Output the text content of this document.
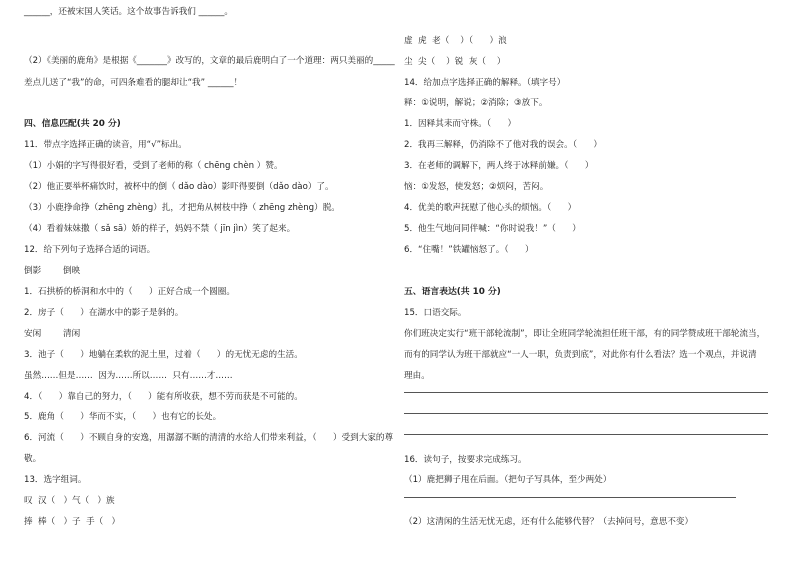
______，还被宋国人笑话。这个故事告诉我们 ______。
（2）《美丽的鹿角》是根据《_______》改写的，文章的最后鹿明白了一个道理：两只美丽的_____
差点儿送了“我”的命，可四条难看的腿却让“我” ______！
四、信息匹配(共 20 分)
11．带点字选择正确的读音，用“√”标出。
（1）小娟的字写得很好看，受到了老师的称（ chēng chèn ）赞。
（2）他正要举杯痛饮时，被杯中的倒（ dǎo dào）影吓得要倒（dǎo dào）了。
（3）小鹿挣命挣（zhēng zhèng）扎，才把角从树枝中挣（ zhēng zhèng）脱。
（4）看着妹妹撒（ sǎ sā）娇的样子，妈妈不禁（ jīn jìn）笑了起来。
12．给下列句子选择合适的词语。
倒影        倒映
1．石拱桥的桥洞和水中的（      ）正好合成一个圆圈。
2．房子（      ）在湖水中的影子是斜的。
安闲        清闲
3．池子（      ）地躺在柔软的泥土里，过着（      ）的无忧无虑的生活。
虽然……但是……  因为……所以……  只有……才……
4．（      ）靠自己的努力，（      ）能有所收获，想不劳而获是不可能的。
5．鹿角（      ）华而不实，（      ）也有它的长处。
6．河流（      ）不顾自身的安逸，用潺潺不断的清清的水给人们带来利益，（      ）受到大家的尊
敬。
13．选字组词。
叹  汉（   ）气（   ）族
捧  棒（   ）子  手（   ）
虚  虎  老（    ）（      ）浪
尘  尖（    ）锐  灰（    ）
14．给加点字选择正确的解释。（填字号）
释：①说明，解说；②消除；③放下。
1．因释其耒而守株。（      ）
2．我再三解释，仍消除不了他对我的误会。（      ）
3．在老师的调解下，两人终于冰释前嫌。（      ）
恼：①发怒，使发怒；②烦闷，苦闷。
4．优美的歌声抚慰了他心头的烦恼。（      ）
5．他生气地问同伴喊：“你时说我！”（      ）
6．“住嘴！”铁罐恼怒了。（      ）
五、语言表达(共 10 分)
15．口语交际。
你们班决定实行“班干部轮流制”，即让全班同学轮流担任班干部，有的同学赞成班干部轮流当，
而有的同学认为班干部就应“一人一职，负责到底”，对此你有什么看法？选一个观点，并说清
理由。
16．读句子，按要求完成练习。
（1）鹿把狮子甩在后面。（把句子写具体，至少两处）
（2）这清闲的生活无忧无虑，还有什么能够代替？（去掉问号，意思不变）
